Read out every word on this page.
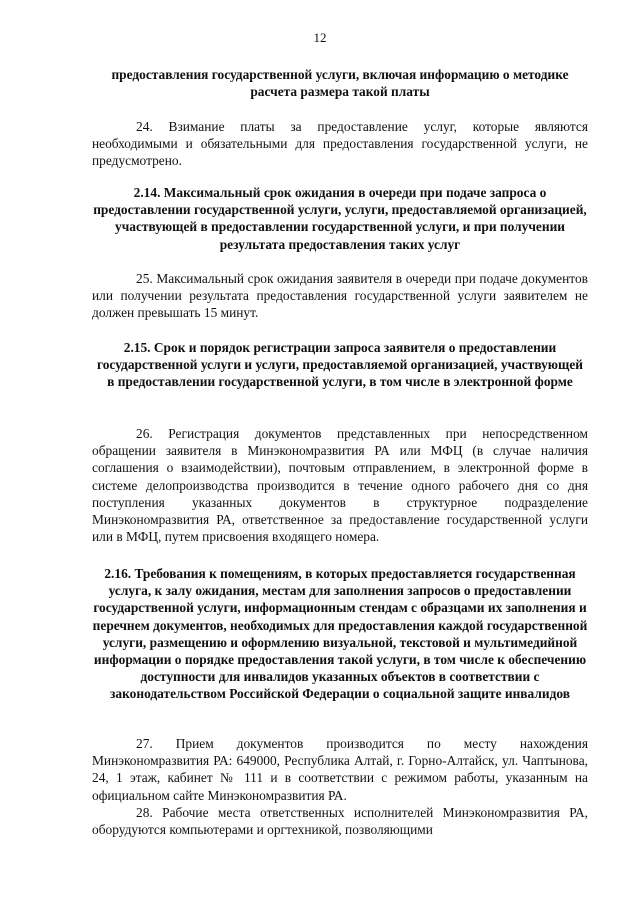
12
предоставления государственной услуги, включая информацию о методике расчета размера такой платы
24. Взимание платы за предоставление услуг, которые являются необходимыми и обязательными для предоставления государственной услуги, не предусмотрено.
2.14. Максимальный срок ожидания в очереди при подаче запроса о предоставлении государственной услуги, услуги, предоставляемой организацией, участвующей в предоставлении государственной услуги, и при получении результата предоставления таких услуг
25. Максимальный срок ожидания заявителя в очереди при подаче документов или получении результата предоставления государственной услуги заявителем не должен превышать 15 минут.
2.15. Срок и порядок регистрации запроса заявителя о предоставлении государственной услуги и услуги, предоставляемой организацией, участвующей в предоставлении государственной услуги, в том числе в электронной форме
26. Регистрация документов представленных при непосредственном обращении заявителя в Минэкономразвития РА или МФЦ (в случае наличия соглашения о взаимодействии), почтовым отправлением, в электронной форме в системе делопроизводства производится в течение одного рабочего дня со дня поступления указанных документов в структурное подразделение Минэкономразвития РА, ответственное за предоставление государственной услуги или в МФЦ, путем присвоения входящего номера.
2.16. Требования к помещениям, в которых предоставляется государственная услуга, к залу ожидания, местам для заполнения запросов о предоставлении государственной услуги, информационным стендам с образцами их заполнения и перечнем документов, необходимых для предоставления каждой государственной услуги, размещению и оформлению визуальной, текстовой и мультимедийной информации о порядке предоставления такой услуги, в том числе к обеспечению доступности для инвалидов указанных объектов в соответствии с законодательством Российской Федерации о социальной защите инвалидов
27. Прием документов производится по месту нахождения Минэкономразвития РА: 649000, Республика Алтай, г. Горно-Алтайск, ул. Чаптынова, 24, 1 этаж, кабинет № 111 и в соответствии с режимом работы, указанным на официальном сайте Минэкономразвития РА.
28. Рабочие места ответственных исполнителей Минэкономразвития РА, оборудуются компьютерами и оргтехникой, позволяющими
